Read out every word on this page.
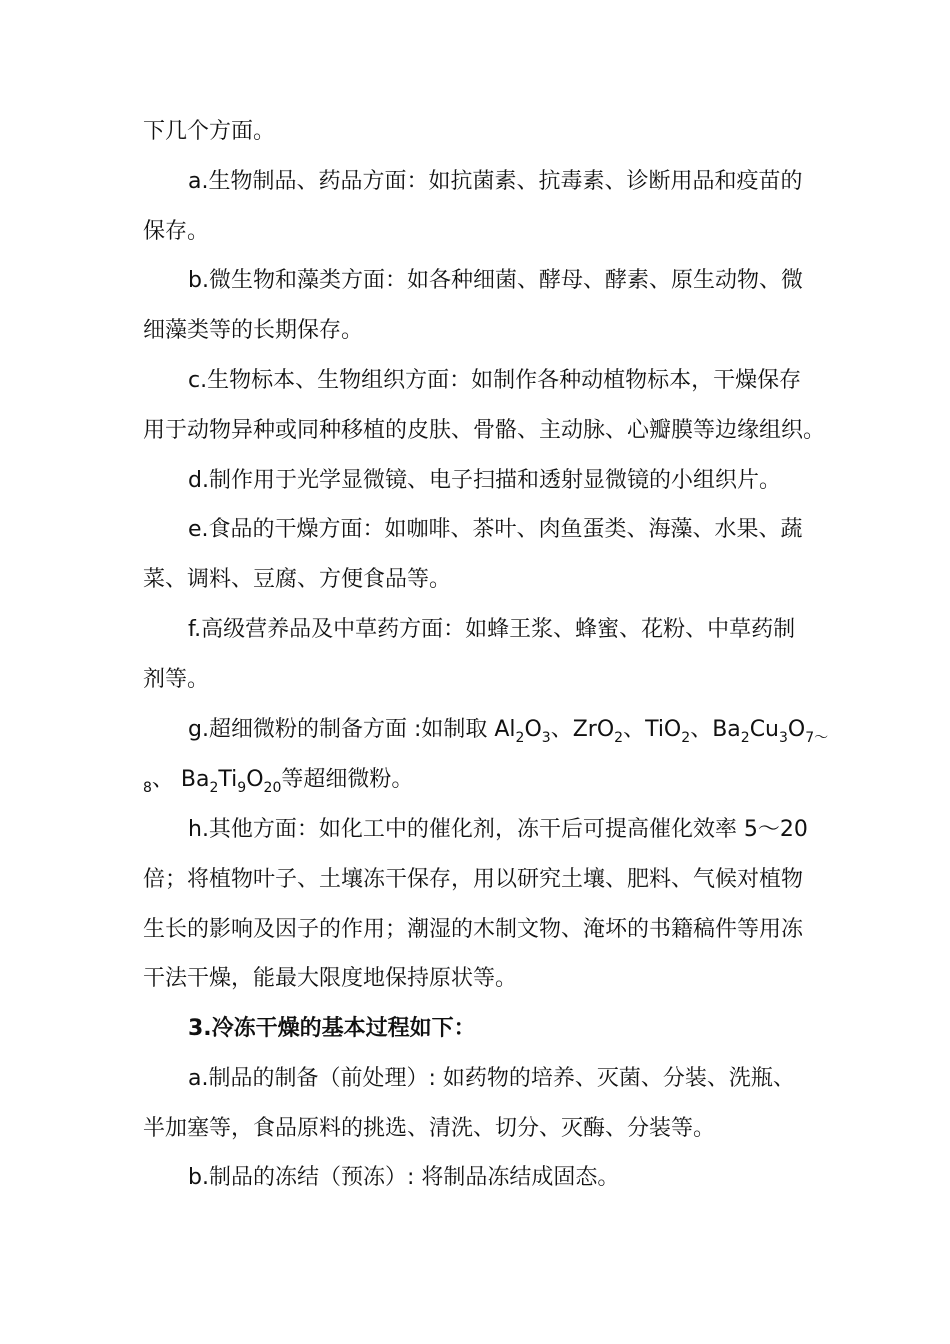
下几个方面。
a.生物制品、药品方面：如抗菌素、抗毒素、诊断用品和疫苗的
保存。
b.微生物和藻类方面：如各种细菌、酵母、酵素、原生动物、微
细藻类等的长期保存。
c.生物标本、生物组织方面：如制作各种动植物标本，干燥保存
用于动物异种或同种移植的皮肤、骨骼、主动脉、心瓣膜等边缘组织。
d.制作用于光学显微镜、电子扫描和透射显微镜的小组织片。
e.食品的干燥方面：如咖啡、茶叶、肉鱼蛋类、海藻、水果、蔬
菜、调料、豆腐、方便食品等。
f.高级营养品及中草药方面：如蜂王浆、蜂蜜、花粉、中草药制
剂等。
g.超细微粉的制备方面 :如制取 $Al_2O_3$、ZrO$_2$、TiO$_2$、$Ba_2Cu_3O_{7\sim}$
$_8$、 $Ba_2Ti_9O_{20}$等超细微粉。
h.其他方面：如化工中的催化剂，冻干后可提高催化效率 5～20
倍；将植物叶子、土壤冻干保存，用以研究土壤、肥料、气候对植物
生长的影响及因子的作用；潮湿的木制文物、淹坏的书籍稿件等用冻
干法干燥，能最大限度地保持原状等。
3.冷冻干燥的基本过程如下：
a.制品的制备（前处理）: 如药物的培养、灭菌、分装、洗瓶、
半加塞等，食品原料的挑选、清洗、切分、灭酶、分装等。
b.制品的冻结（预冻）: 将制品冻结成固态。
